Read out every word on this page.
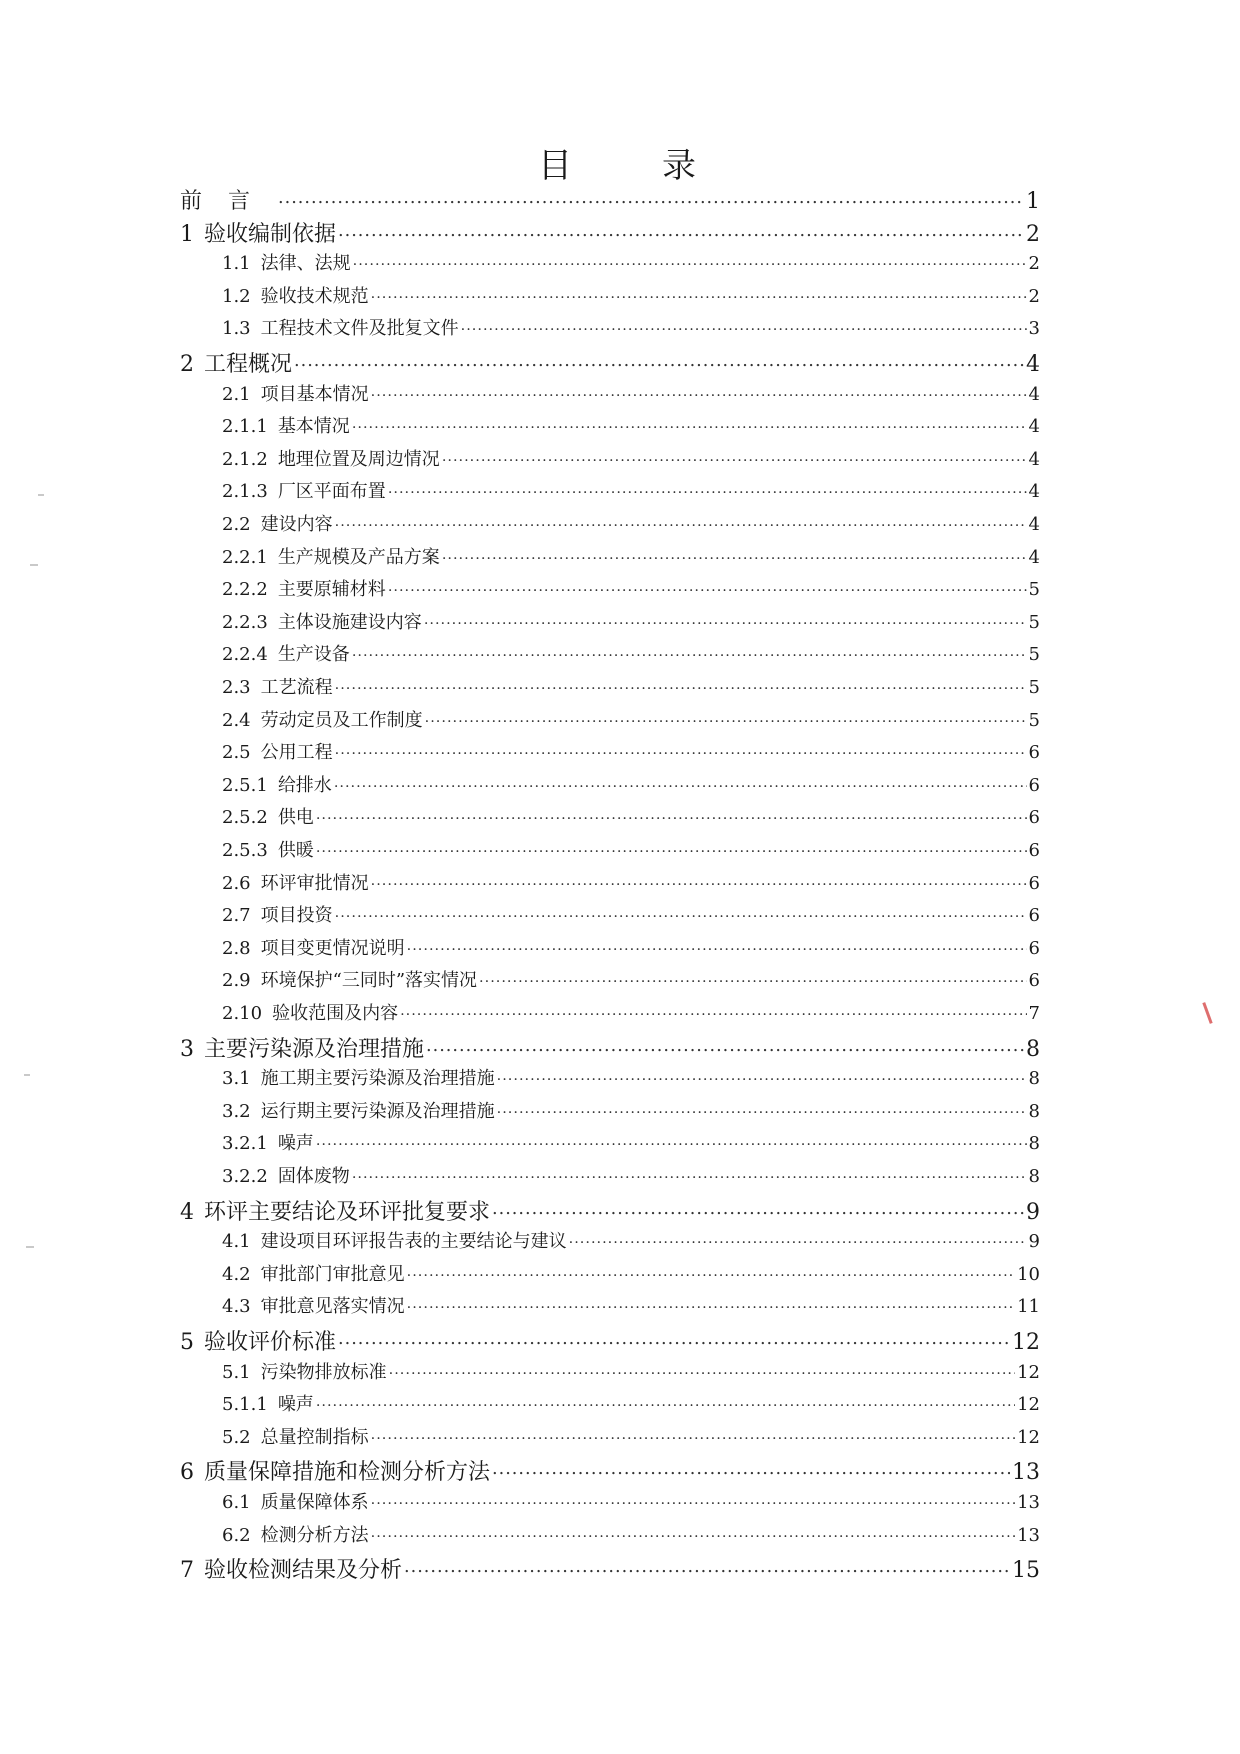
目　录
前言 .....	1
1 验收编制依据 .....	2
1.1 法律、法规 .....	2
1.2 验收技术规范 .....	2
1.3 工程技术文件及批复文件 .....	3
2 工程概况 .....	4
2.1 项目基本情况 .....	4
2.1.1 基本情况 .....	4
2.1.2 地理位置及周边情况 .....	4
2.1.3 厂区平面布置 .....	4
2.2 建设内容 .....	4
2.2.1 生产规模及产品方案 .....	4
2.2.2 主要原辅材料 .....	5
2.2.3 主体设施建设内容 .....	5
2.2.4 生产设备 .....	5
2.3 工艺流程 .....	5
2.4 劳动定员及工作制度 .....	5
2.5 公用工程 .....	6
2.5.1 给排水 .....	6
2.5.2 供电 .....	6
2.5.3 供暖 .....	6
2.6 环评审批情况 .....	6
2.7 项目投资 .....	6
2.8 项目变更情况说明 .....	6
2.9 环境保护“三同时”落实情况 .....	6
2.10 验收范围及内容 .....	7
3 主要污染源及治理措施 .....	8
3.1 施工期主要污染源及治理措施 .....	8
3.2 运行期主要污染源及治理措施 .....	8
3.2.1 噪声 .....	8
3.2.2 固体废物 .....	8
4 环评主要结论及环评批复要求 .....	9
4.1 建设项目环评报告表的主要结论与建议 .....	9
4.2 审批部门审批意见 .....	10
4.3 审批意见落实情况 .....	11
5 验收评价标准 .....	12
5.1 污染物排放标准 .....	12
5.1.1 噪声 .....	12
5.2 总量控制指标 .....	12
6 质量保障措施和检测分析方法 .....	13
6.1 质量保障体系 .....	13
6.2 检测分析方法 .....	13
7 验收检测结果及分析 .....	15
